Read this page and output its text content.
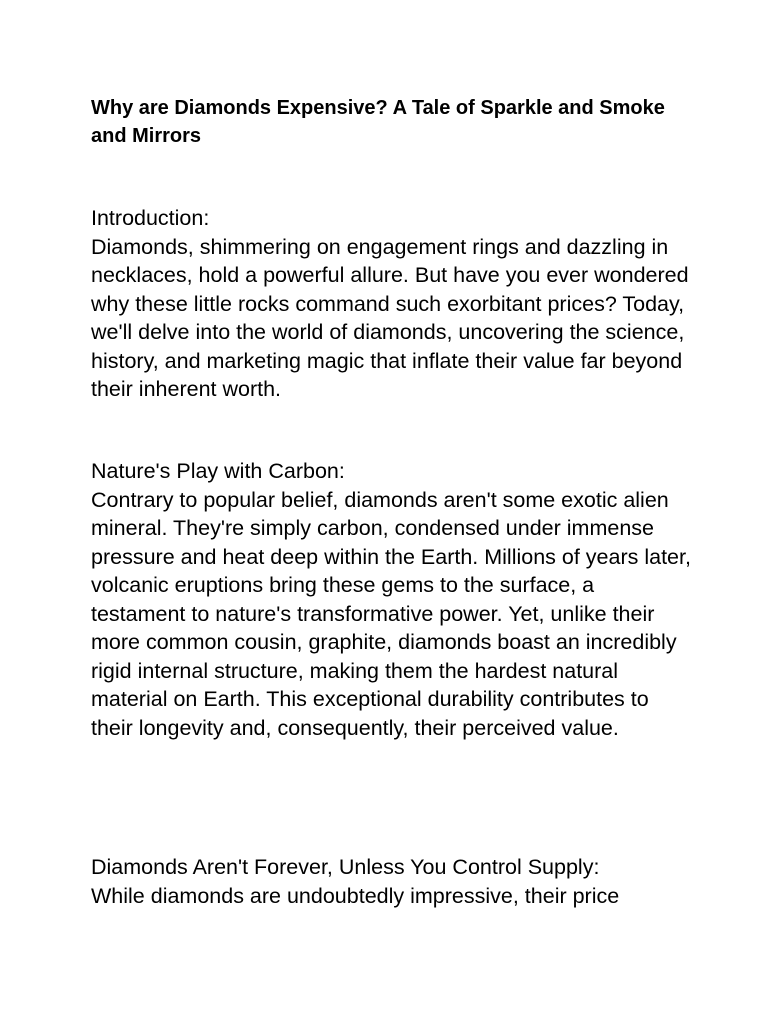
Why are Diamonds Expensive? A Tale of Sparkle and Smoke and Mirrors

Introduction:

Diamonds, shimmering on engagement rings and dazzling in necklaces, hold a powerful allure. But have you ever wondered why these little rocks command such exorbitant prices? Today, we'll delve into the world of diamonds, uncovering the science, history, and marketing magic that inflate their value far beyond their inherent worth.

Nature's Play with Carbon:

Contrary to popular belief, diamonds aren't some exotic alien mineral. They're simply carbon, condensed under immense pressure and heat deep within the Earth. Millions of years later, volcanic eruptions bring these gems to the surface, a testament to nature's transformative power. Yet, unlike their more common cousin, graphite, diamonds boast an incredibly rigid internal structure, making them the hardest natural material on Earth. This exceptional durability contributes to their longevity and, consequently, their perceived value.

Diamonds Aren't Forever, Unless You Control Supply:

While diamonds are undoubtedly impressive, their price
